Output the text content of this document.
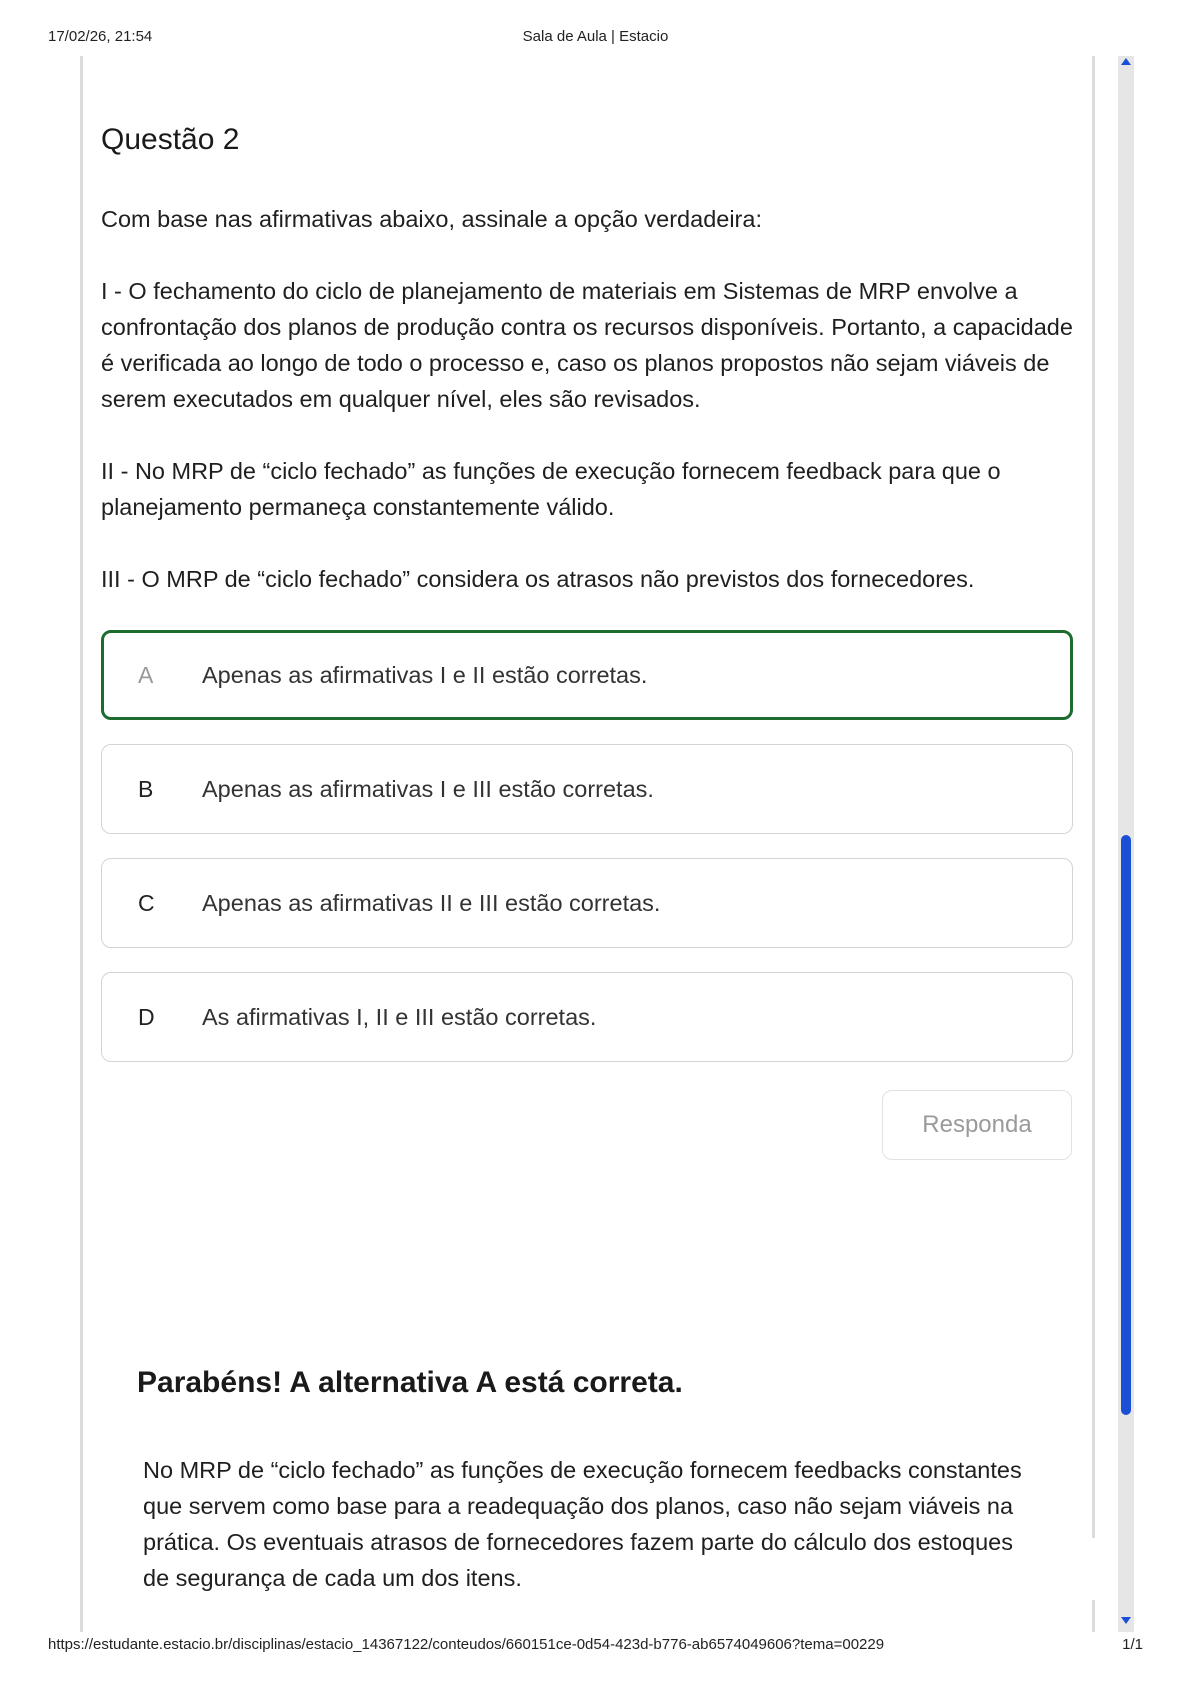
17/02/26, 21:54	Sala de Aula | Estacio
Questão 2

Com base nas afirmativas abaixo, assinale a opção verdadeira:

I - O fechamento do ciclo de planejamento de materiais em Sistemas de MRP envolve a confrontação dos planos de produção contra os recursos disponíveis. Portanto, a capacidade é verificada ao longo de todo o processo e, caso os planos propostos não sejam viáveis de serem executados em qualquer nível, eles são revisados.

II - No MRP de “ciclo fechado” as funções de execução fornecem feedback para que o planejamento permaneça constantemente válido.

III - O MRP de “ciclo fechado” considera os atrasos não previstos dos fornecedores.

A Apenas as afirmativas I e II estão corretas.
B Apenas as afirmativas I e III estão corretas.
C Apenas as afirmativas II e III estão corretas.
D As afirmativas I, II e III estão corretas.
Responda
Parabéns! A alternativa A está correta.

No MRP de “ciclo fechado” as funções de execução fornecem feedbacks constantes que servem como base para a readequação dos planos, caso não sejam viáveis na prática. Os eventuais atrasos de fornecedores fazem parte do cálculo dos estoques de segurança de cada um dos itens.

https://estudante.estacio.br/disciplinas/estacio_14367122/conteudos/660151ce-0d54-423d-b776-ab6574049606?tema=00229	1/1
